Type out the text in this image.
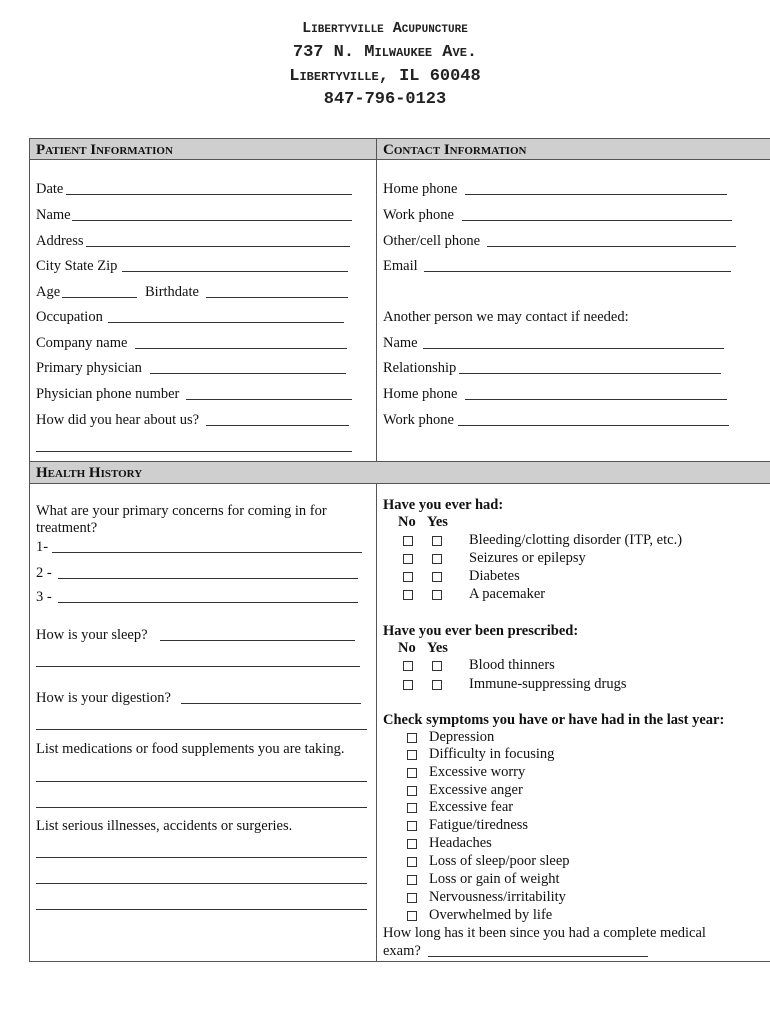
Libertyville Acupuncture
737 N. Milwaukee Ave.
Libertyville, IL 60048
847-796-0123
Patient Information	Contact Information
Health History
Date
Name
Address
City State Zip
Age	Birthdate
Occupation
Company name
Primary physician
Physician phone number
How did you hear about us?
Home phone
Work phone
Other/cell phone
Email
Another person we may contact if needed:
Name
Relationship
Home phone
Work phone
What are your primary concerns for coming in for
treatment?
1-
2 -
3 -
How is your sleep?
How is your digestion?
List medications or food supplements you are taking.
List serious illnesses, accidents or surgeries.
Have you ever had:
No Yes
Bleeding/clotting disorder (ITP, etc.)
Seizures or epilepsy
Diabetes
A pacemaker
Have you ever been prescribed:
No Yes
Blood thinners
Immune-suppressing drugs
Check symptoms you have or have had in the last year:
Depression
Difficulty in focusing
Excessive worry
Excessive anger
Excessive fear
Fatigue/tiredness
Headaches
Loss of sleep/poor sleep
Loss or gain of weight
Nervousness/irritability
Overwhelmed by life
How long has it been since you had a complete medical
exam?
